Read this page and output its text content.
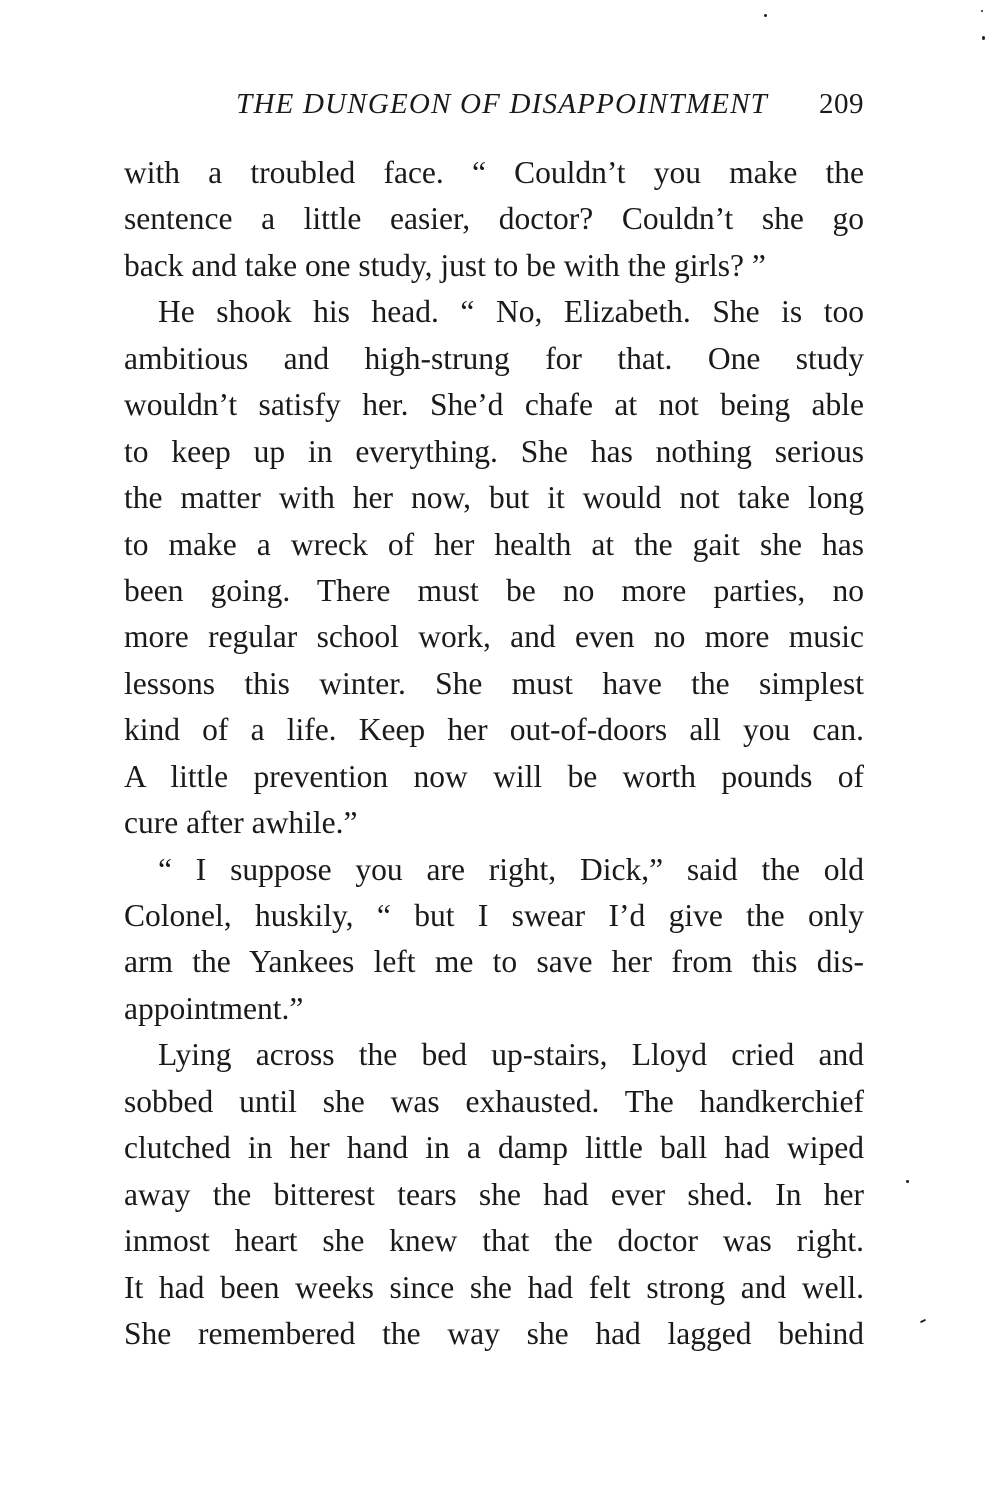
THE DUNGEON OF DISAPPOINTMENT 209
with a troubled face. “ Couldn’t you make the
sentence a little easier, doctor? Couldn’t she go
back and take one study, just to be with the girls? ”
He shook his head. “ No, Elizabeth. She is too
ambitious and high-strung for that. One study
wouldn’t satisfy her. She’d chafe at not being able
to keep up in everything. She has nothing serious
the matter with her now, but it would not take long
to make a wreck of her health at the gait she has
been going. There must be no more parties, no
more regular school work, and even no more music
lessons this winter. She must have the simplest
kind of a life. Keep her out-of-doors all you can.
A little prevention now will be worth pounds of
cure after awhile.”
“ I suppose you are right, Dick,” said the old
Colonel, huskily, “ but I swear I’d give the only
arm the Yankees left me to save her from this dis-
appointment.”
Lying across the bed up-stairs, Lloyd cried and
sobbed until she was exhausted. The handkerchief
clutched in her hand in a damp little ball had wiped
away the bitterest tears she had ever shed. In her
inmost heart she knew that the doctor was right.
It had been weeks since she had felt strong and well.
She remembered the way she had lagged behind
